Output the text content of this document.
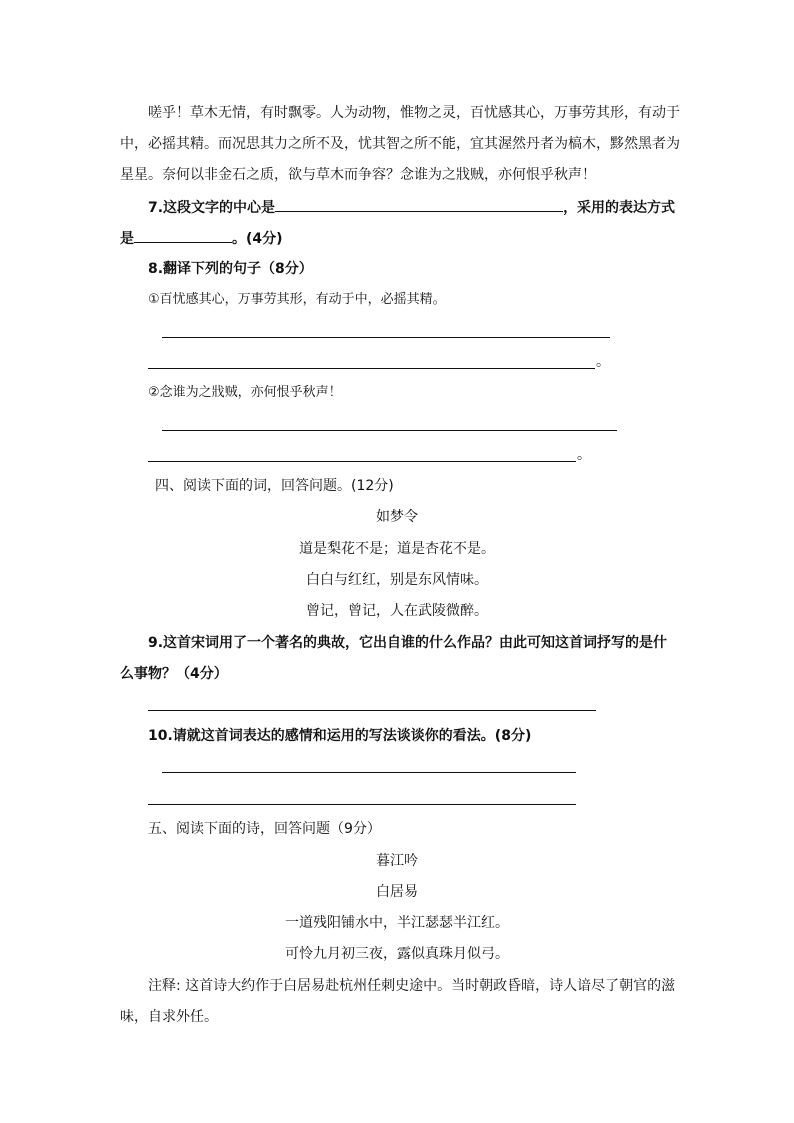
嗟乎！草木无情，有时飘零。人为动物，惟物之灵，百忧感其心，万事劳其形，有动于
中，必摇其精。而况思其力之所不及，忧其智之所不能，宜其渥然丹者为槁木，黟然黑者为
星星。奈何以非金石之质，欲与草木而争容？念谁为之戕贼，亦何恨乎秋声！
7.这段文字的中心是	，采用的表达方式
是	。(4分)
8.翻译下列的句子（8分）
①百忧感其心，万事劳其形，有动于中，必摇其精。
。
②念谁为之戕贼，亦何恨乎秋声！
。
四、阅读下面的词，回答问题。(12分)
如梦令
道是梨花不是；道是杏花不是。
白白与红红，别是东风情味。
曾记，曾记，人在武陵微醉。
9.这首宋词用了一个著名的典故，它出自谁的什么作品？由此可知这首词抒写的是什
么事物？（4分）
10.请就这首词表达的感情和运用的写法谈谈你的看法。(8分)
五、阅读下面的诗，回答问题（9分）
暮江吟
白居易
一道残阳铺水中，半江瑟瑟半江红。
可怜九月初三夜，露似真珠月似弓。
注释: 这首诗大约作于白居易赴杭州任刺史途中。当时朝政昏暗，诗人谙尽了朝官的滋
味，自求外任。
